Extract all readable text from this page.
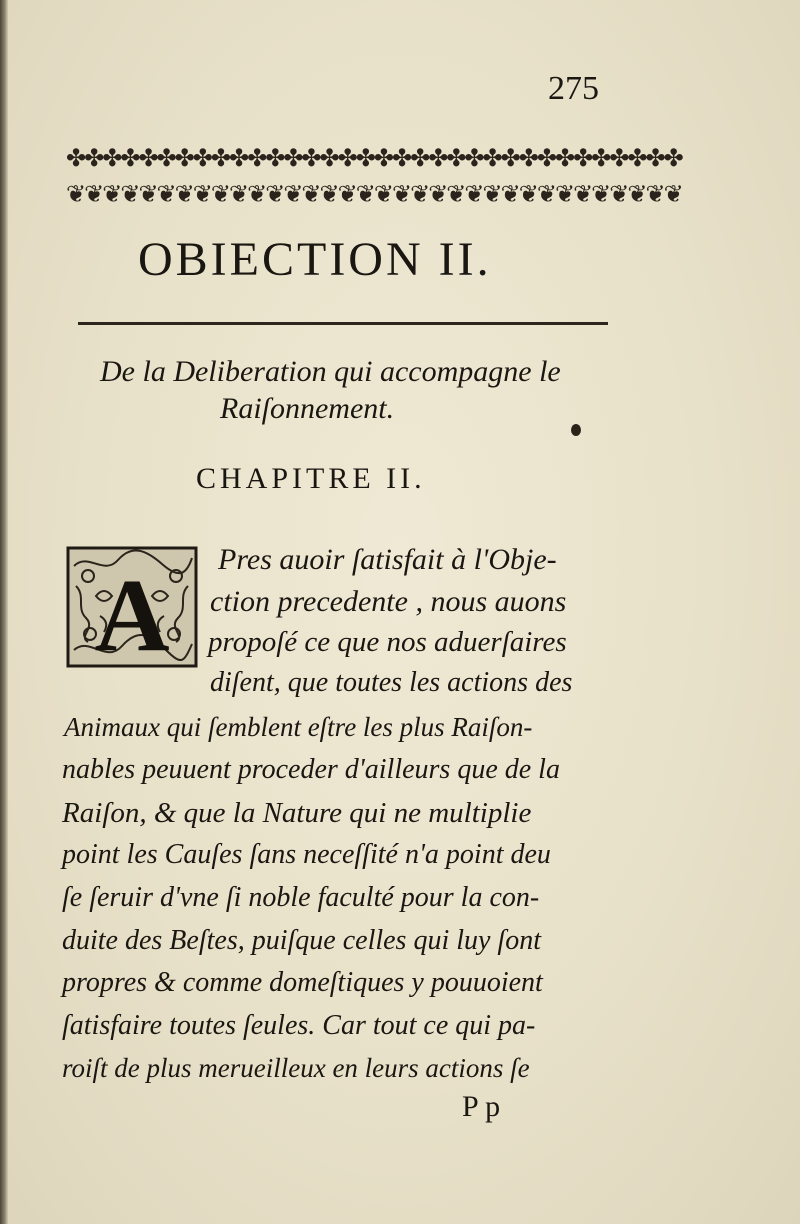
275
✤✤✤✤✤✤✤✤✤✤✤✤✤✤✤✤✤✤✤✤✤✤✤✤✤✤✤✤✤✤✤✤✤✤
❦❦❦❦❦❦❦❦❦❦❦❦❦❦❦❦❦❦❦❦❦❦❦❦❦❦❦❦❦❦❦❦❦❦
OBIECTION II.
De la Deliberation qui accompagne le
Raiſonnement.
CHAPITRE II.
A Pres auoir ſatisfait à l'Obje-
ction precedente , nous auons
propoſé ce que nos aduerſaires
diſent, que toutes les actions des
Animaux qui ſemblent eſtre les plus Raiſon-
nables peuuent proceder d'ailleurs que de la
Raiſon, & que la Nature qui ne multiplie
point les Cauſes ſans neceſſité n'a point deu
ſe ſeruir d'vne ſi noble faculté pour la con-
duite des Beſtes, puiſque celles qui luy ſont
propres & comme domeſtiques y pouuoient
ſatisfaire toutes ſeules. Car tout ce qui pa-
roiſt de plus merueilleux en leurs actions ſe
P p
